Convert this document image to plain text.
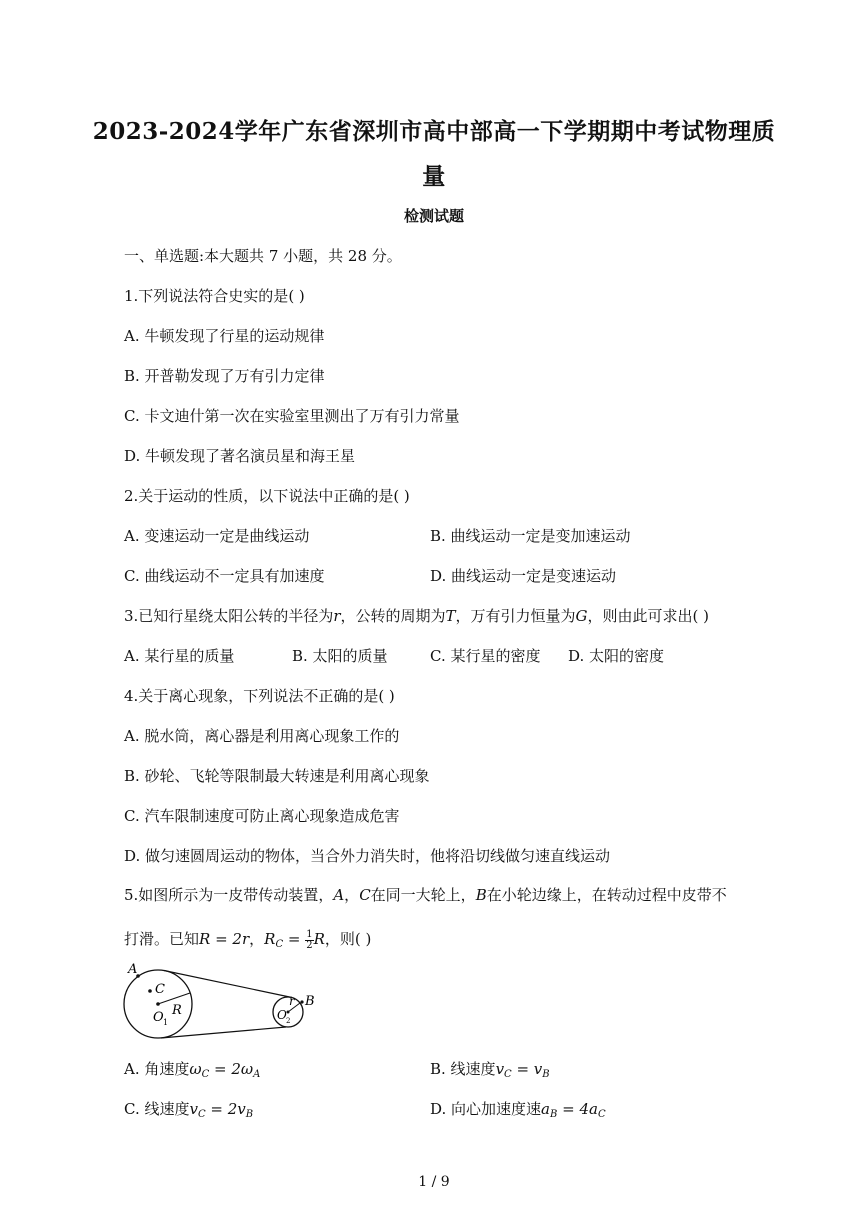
2023-2024学年广东省深圳市高中部高一下学期期中考试物理质
量
检测试题
一、单选题:本大题共 7 小题，共 28 分。
1.下列说法符合史实的是( )
A. 牛顿发现了行星的运动规律
B. 开普勒发现了万有引力定律
C. 卡文迪什第一次在实验室里测出了万有引力常量
D. 牛顿发现了著名演员星和海王星
2.关于运动的性质，以下说法中正确的是( )
A. 变速运动一定是曲线运动	B. 曲线运动一定是变加速运动
C. 曲线运动不一定具有加速度	D. 曲线运动一定是变速运动
3.已知行星绕太阳公转的半径为r，公转的周期为T，万有引力恒量为G，则由此可求出( )
A. 某行星的质量	B. 太阳的质量	C. 某行星的密度 D. 太阳的密度
4.关于离心现象，下列说法不正确的是( )
A. 脱水筒，离心器是利用离心现象工作的
B. 砂轮、飞轮等限制最大转速是利用离心现象
C. 汽车限制速度可防止离心现象造成危害
D. 做匀速圆周运动的物体，当合外力消失时，他将沿切线做匀速直线运动
5.如图所示为一皮带传动装置，A，C在同一大轮上，B在小轮边缘上，在转动过程中皮带不
打滑。已知R = 2r，$R_C = \frac{1}{2}$ R，则( )
A
C
R
O 1
r B
O 2
A. 角速度$\omega_C = 2\omega_A$	B. 线速度$v_C = v_B$
C. 线速度$v_C = 2v_B$	D. 向心加速度速$a_B = 4a_C$
1 / 9
